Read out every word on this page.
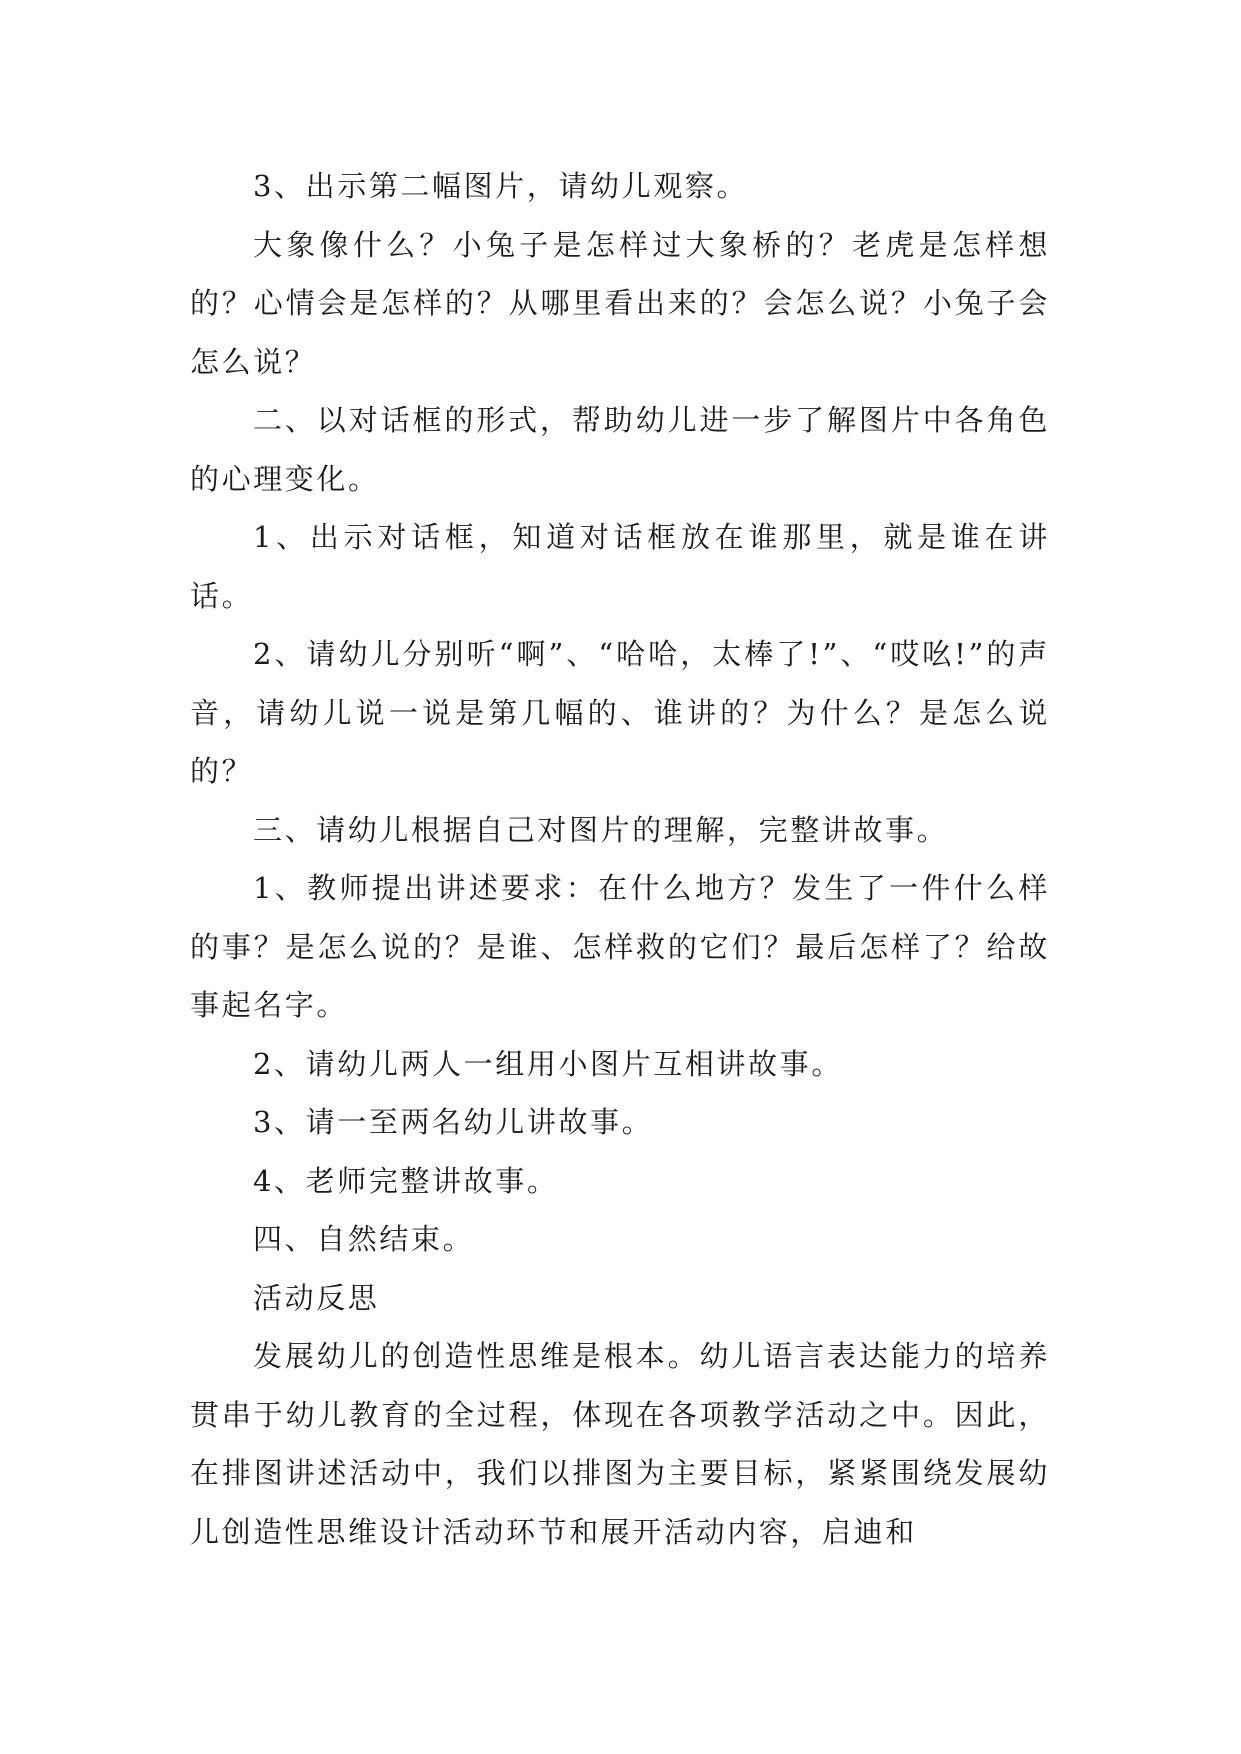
3、出示第二幅图片，请幼儿观察。

大象像什么？小兔子是怎样过大象桥的？老虎是怎样想的？心情会是怎样的？从哪里看出来的？会怎么说？小兔子会怎么说？

二、以对话框的形式，帮助幼儿进一步了解图片中各角色的心理变化。

1、出示对话框，知道对话框放在谁那里，就是谁在讲话。

2、请幼儿分别听“啊”、“哈哈，太棒了!”、“哎吆!”的声音，请幼儿说一说是第几幅的、谁讲的？为什么？是怎么说的？

三、请幼儿根据自己对图片的理解，完整讲故事。

1、教师提出讲述要求：在什么地方？发生了一件什么样的事？是怎么说的？是谁、怎样救的它们？最后怎样了？给故事起名字。

2、请幼儿两人一组用小图片互相讲故事。

3、请一至两名幼儿讲故事。

4、老师完整讲故事。

四、自然结束。

活动反思

发展幼儿的创造性思维是根本。幼儿语言表达能力的培养贯串于幼儿教育的全过程，体现在各项教学活动之中。因此，在排图讲述活动中，我们以排图为主要目标，紧紧围绕发展幼儿创造性思维设计活动环节和展开活动内容，启迪和
